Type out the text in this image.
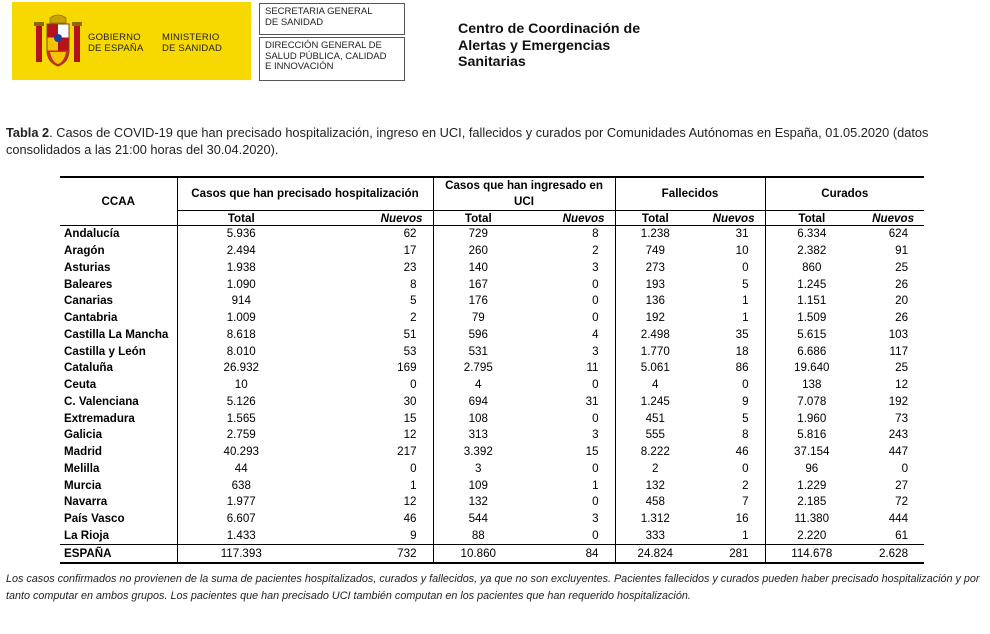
GOBIERNO
DE ESPAÑA
MINISTERIO
DE SANIDAD
SECRETARIA GENERAL
DE SANIDAD
DIRECCIÓN GENERAL DE
SALUD PÚBLICA, CALIDAD
E INNOVACIÓN
Centro de Coordinación de
Alertas y Emergencias
Sanitarias
Tabla 2. Casos de COVID-19 que han precisado hospitalización, ingreso en UCI, fallecidos y curados por Comunidades Autónomas en España, 01.05.2020 (datos consolidados a las 21:00 horas del 30.04.2020).
CCAA	Casos que han precisado hospitalización		Casos que han ingresado en UCI		Fallecidos		Curados	
	Total	Nuevos	Total	Nuevos	Total	Nuevos	Total	Nuevos
Andalucía	5.936	62	729	8	1.238	31	6.334	624
Aragón	2.494	17	260	2	749	10	2.382	91
Asturias	1.938	23	140	3	273	0	860	25
Baleares	1.090	8	167	0	193	5	1.245	26
Canarias	914	5	176	0	136	1	1.151	20
Cantabria	1.009	2	79	0	192	1	1.509	26
Castilla La Mancha	8.618	51	596	4	2.498	35	5.615	103
Castilla y León	8.010	53	531	3	1.770	18	6.686	117
Cataluña	26.932	169	2.795	11	5.061	86	19.640	25
Ceuta	10	0	4	0	4	0	138	12
C. Valenciana	5.126	30	694	31	1.245	9	7.078	192
Extremadura	1.565	15	108	0	451	5	1.960	73
Galicia	2.759	12	313	3	555	8	5.816	243
Madrid	40.293	217	3.392	15	8.222	46	37.154	447
Melilla	44	0	3	0	2	0	96	0
Murcia	638	1	109	1	132	2	1.229	27
Navarra	1.977	12	132	0	458	7	2.185	72
País Vasco	6.607	46	544	3	1.312	16	11.380	444
La Rioja	1.433	9	88	0	333	1	2.220	61
ESPAÑA	117.393	732	10.860	84	24.824	281	114.678	2.628
Los casos confirmados no provienen de la suma de pacientes hospitalizados, curados y fallecidos, ya que no son excluyentes. Pacientes fallecidos y curados pueden haber precisado hospitalización y por tanto computar en ambos grupos. Los pacientes que han precisado UCI también computan en los pacientes que han requerido hospitalización.
